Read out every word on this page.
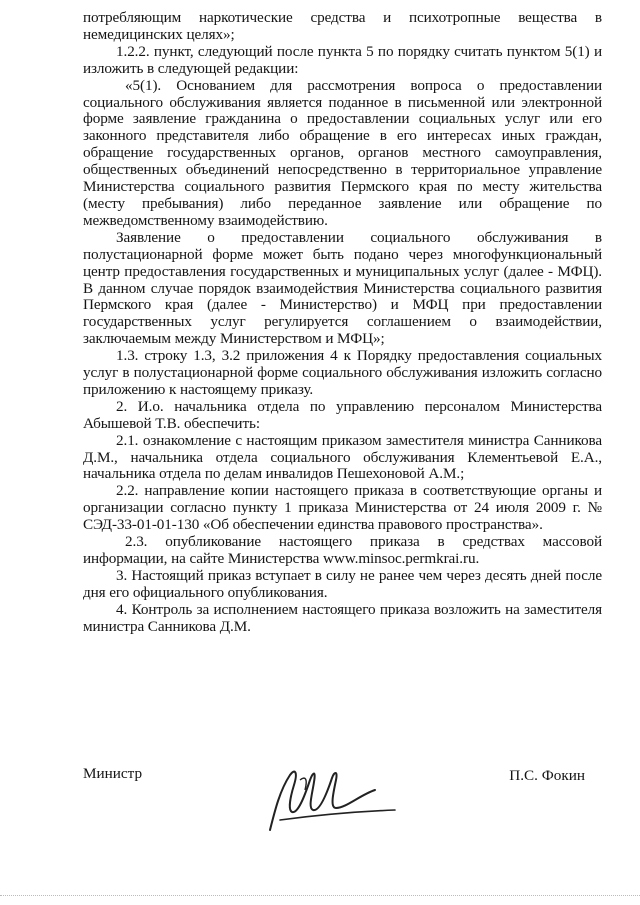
потребляющим наркотические средства и психотропные вещества в немедицинских целях»;

1.2.2. пункт, следующий после пункта 5 по порядку считать пунктом 5(1) и изложить в следующей редакции:

«5(1). Основанием для рассмотрения вопроса о предоставлении социального обслуживания является поданное в письменной или электронной форме заявление гражданина о предоставлении социальных услуг или его законного представителя либо обращение в его интересах иных граждан, обращение государственных органов, органов местного самоуправления, общественных объединений непосредственно в территориальное управление Министерства социального развития Пермского края по месту жительства (месту пребывания) либо переданное заявление или обращение по межведомственному взаимодействию.

Заявление о предоставлении социального обслуживания в полустационарной форме может быть подано через многофункциональный центр предоставления государственных и муниципальных услуг (далее - МФЦ). В данном случае порядок взаимодействия Министерства социального развития Пермского края (далее - Министерство) и МФЦ при предоставлении государственных услуг регулируется соглашением о взаимодействии, заключаемым между Министерством и МФЦ»;

1.3. строку 1.3, 3.2 приложения 4 к Порядку предоставления социальных услуг в полустационарной форме социального обслуживания изложить согласно приложению к настоящему приказу.

2. И.о. начальника отдела по управлению персоналом Министерства Абышевой Т.В. обеспечить:

2.1. ознакомление с настоящим приказом заместителя министра Санникова Д.М., начальника отдела социального обслуживания Клементьевой Е.А., начальника отдела по делам инвалидов Пешехоновой А.М.;

2.2. направление копии настоящего приказа в соответствующие органы и организации согласно пункту 1 приказа Министерства от 24 июля 2009 г. № СЭД-33-01-01-130 «Об обеспечении единства правового пространства».

2.3. опубликование настоящего приказа в средствах массовой информации, на сайте Министерства www.minsoc.permkrai.ru.

3. Настоящий приказ вступает в силу не ранее чем через десять дней после дня его официального опубликования.

4. Контроль за исполнением настоящего приказа возложить на заместителя министра Санникова Д.М.

Министр	П.С. Фокин
